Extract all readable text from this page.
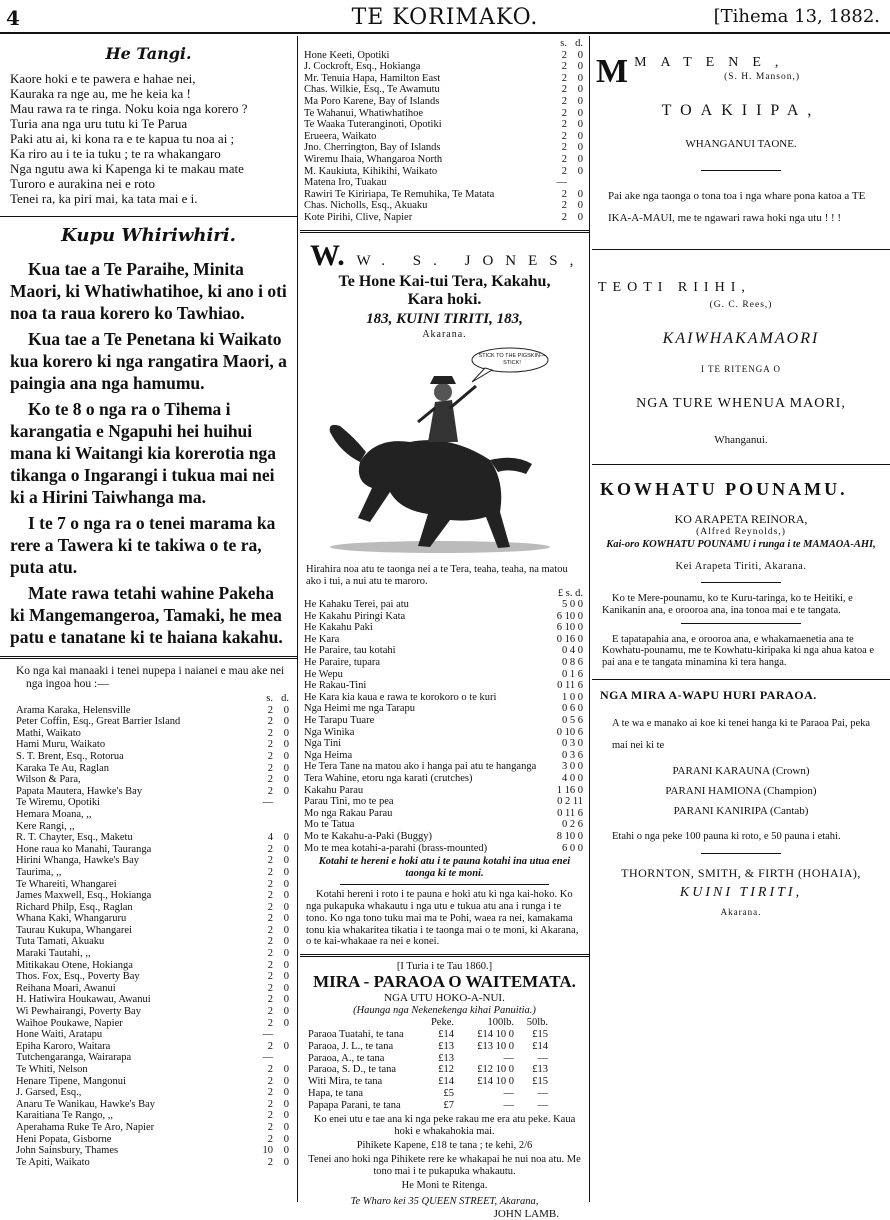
4	TE KORIMAKO.	[Tihema 13, 1882.
He Tangi.

Kaore hoki e te pawera e hahae nei,

Kauraka ra nge au, me he keia ka !

Mau rawa ra te ringa. Noku koia nga korero ?

Turia ana nga uru tutu ki Te Parua

Paki atu ai, ki kona ra e te kapua tu noa ai ;

Ka riro au i te ia tuku ; te ra whakangaro

Nga ngutu awa ki Kapenga ki te makau mate

Turoro e aurakina nei e roto

Tenei ra, ka piri mai, ka tata mai e i.

Kupu Whiriwhiri.

Kua tae a Te Paraihe, Minita Maori, ki Whatiwhatihoe, ki ano i oti noa ta raua korero ko Tawhiao.

Kua tae a Te Penetana ki Waikato kua korero ki nga rangatira Maori, a paingia ana nga hamumu.

Ko te 8 o nga ra o Tihema i karangatia e Ngapuhi hei huihui mana ki Waitangi kia korerotia nga tikanga o Ingarangi i tukua mai nei ki a Hirini Taiwhanga ma.

I te 7 o nga ra o tenei marama ka rere a Tawera ki te takiwa o te ra, puta atu.

Mate rawa tetahi wahine Pakeha ki Mangemangeroa, Tamaki, he mea patu e tanatane ki te haiana kakahu.

Ko nga kai manaaki i tenei nupepa i naianei e mau ake nei nga ingoa hou :—
s. d.
Arama Karaka, Helensville	2	0
Peter Coffin, Esq., Great Barrier Island	2	0
Mathi, Waikato	2	0
Hami Muru, Waikato	2	0
S. T. Brent, Esq., Rotorua	2	0
Karaka Te Au, Raglan	2	0
Wilson & Para,	2	0
Papata Mautera, Hawke's Bay	2	0
Te Wiremu, Opotiki	—
Hemara Moana, ,,
Kere Rangi, ,,
R. T. Chayter, Esq., Maketu	4	0
Hone raua ko Manahi, Tauranga	2	0
Hirini Whanga, Hawke's Bay	2	0
Taurima, ,,	2	0
Te Whareiti, Whangarei	2	0
James Maxwell, Esq., Hokianga	2	0
Richard Philp, Esq., Raglan	2	0
Whana Kaki, Whangaruru	2	0
Taurau Kukupa, Whangarei	2	0
Tuta Tamati, Akuaku	2	0
Maraki Tautahi, ,,	2	0
Mitikakau Otene, Hokianga	2	0
Thos. Fox, Esq., Poverty Bay	2	0
Reihana Moari, Awanui	2	0
H. Hatiwira Houkawau, Awanui	2	0
Wi Pewhairangi, Poverty Bay	2	0
Waihoe Poukawe, Napier	2	0
Hone Waiti, Aratapu	—
Epiha Karoro, Waitara	2	0
Tutchengaranga, Wairarapa	—
Te Whiti, Nelson	2	0
Henare Tipene, Mangonui	2	0
J. Garsed, Esq.,	2	0
Anaru Te Wanikau, Hawke's Bay	2	0
Karaitiana Te Rango, ,,	2	0
Aperahama Ruke Te Aro, Napier	2	0
Heni Popata, Gisborne	2	0
John Sainsbury, Thames	10	0
Te Apiti, Waikato	2	0
s. d.
Hone Keeti, Opotiki	2	0
J. Cockroft, Esq., Hokianga	2	0
Mr. Tenuia Hapa, Hamilton East	2	0
Chas. Wilkie, Esq., Te Awamutu	2	0
Ma Poro Karene, Bay of Islands	2	0
Te Wahanui, Whatiwhatihoe	2	0
Te Waaka Tuteranginoti, Opotiki	2	0
Erueera, Waikato	2	0
Jno. Cherrington, Bay of Islands	2	0
Wiremu Ihaia, Whangaroa North	2	0
M. Kaukiuta, Kihikihi, Waikato	2	0
Matena Iro, Tuakau	—
Rawiri Te Kiririapa, Te Remuhika, Te Matata	2	0
Chas. Nicholls, Esq., Akuaku	2	0
Kote Pirihi, Clive, Napier	2	0
W. W. S. JONES,
Te Hone Kai-tui Tera, Kakahu,
Kara hoki.
183, KUINI TIRITI, 183,
Akarana.
STICK TO THE PIGSKIN—STICK!
Hirahira noa atu te taonga nei a te Tera, teaha, teaha, na matou ako i tui, a nui atu te maroro.
£ s. d.
He Kahaku Terei, pai atu	5 0 0
He Kakahu Piringi Kata	6 10 0
He Kakahu Paki	6 10 0
He Kara	0 16 0
He Paraire, tau kotahi	0 4 0
He Paraire, tupara	0 8 6
He Wepu	0 1 6
He Rakau-Tini	0 11 6
He Kara kia kaua e rawa te korokoro o te kuri	1 0 0
Nga Heimi me nga Tarapu	0 6 0
He Tarapu Tuare	0 5 6
Nga Winika	0 10 6
Nga Tini	0 3 0
Nga Heima	0 3 6
He Tera Tane na matou ako i hanga pai atu te hanganga	3 0 0
Tera Wahine, etoru nga karati (crutches)	4 0 0
Kakahu Parau	1 16 0
Parau Tini, mo te pea	0 2 11
Mo nga Rakau Parau	0 11 6
Mo te Tatua	0 2 6
Mo te Kakahu-a-Paki (Buggy)	8 10 0
Mo te mea kotahi-a-parahi (brass-mounted)	6 0 0
Kotahi te hereni e hoki atu i te pauna kotahi ina utua enei taonga ki te moni.
Kotahi hereni i roto i te pauna e hoki atu ki nga kai-hoko. Ko nga pukapuka whakautu i nga utu e tukua atu ana i runga i te tono. Ko nga tono tuku mai ma te Pohi, waea ra nei, kamakama tonu kia whakaritea tikatia i te taonga mai o te moni, ki Akarana, o te kai-whakaae ra nei e konei.
[I Turia i te Tau 1860.]
MIRA - PARAOA O WAITEMATA.
NGA UTU HOKO-A-NUI.
(Haunga nga Nekenekenga kihai Panuitia.)
Peke.	100lb.	50lb.
Paraoa Tuatahi, te tana	£14	£14 10 0	£15
Paraoa, J. L., te tana	£13	£13 10 0	£14
Paraoa, A., te tana	£13	—	—
Paraoa, S. D., te tana	£12	£12 10 0	£13
Witi Mira, te tana	£14	£14 10 0	£15
Hapa, te tana	£5	—	—
Papapa Parani, te tana	£7	—	—
Ko enei utu e tae ana ki nga peke rakau me era atu peke. Kaua hoki e whakahokia mai.
Pihikete Kapene, £18 te tana ; te kehi, 2/6
Tenei ano hoki nga Pihikete rere ke whakapai he nui noa atu. Me tono mai i te pukapuka whakautu.
He Moni te Ritenga.
Te Wharo kei 35 QUEEN STREET, Akarana,
JOHN LAMB.
M MATENE,
(S. H. Manson,)
TOAKIIPA,
WHANGANUI TAONE.

Pai ake nga taonga o tona toa i nga whare pona katoa a TE IKA-A-MAUI, me te ngawari rawa hoki nga utu ! ! !

TEOTI RIIHI,
(G. C. Rees,)
KAIWHAKAMAORI
I TE RITENGA O
NGA TURE WHENUA MAORI,
Whanganui.
KOWHATU POUNAMU.
KO ARAPETA REINORA,
(Alfred Reynolds,)
Kai-oro KOWHATU POUNAMU i runga i te MAMAOA-AHI,
Kei Arapeta Tiriti, Akarana.

Ko te Mere-pounamu, ko te Kuru-taringa, ko te Heitiki, e Kanikanin ana, e oroorоa ana, ina tonoa mai e te tangata.

E tapatapahia ana, e oroorоa ana, e whakamaenetia ana te Kowhatu-pounamu, me te Kowhatu-kiripaka ki nga ahua katoa e pai ana e te tangata minamina ki tera hanga.

NGA MIRA A-WAPU HURI PARAOA.

A te wa e manako ai koe ki tenei hanga ki te Paraoa Pai, peka mai nei ki te

PARANI KARAUNA (Crown)
PARANI HAMIONA (Champion)
PARANI KANIRIPA (Cantab)

Etahi o nga peke 100 pauna ki roto, e 50 pauna i etahi.

THORNTON, SMITH, & FIRTH (HOHAIA),
KUINI TIRITI,
Akarana.
